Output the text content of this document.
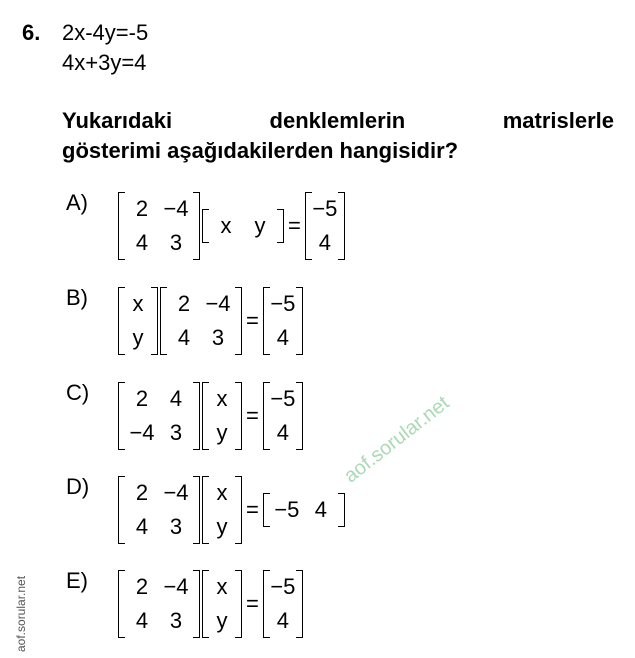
6. 2x-4y=-5
4x+3y=4
Yukarıdaki	denklemlerin	matrislerle
gösterimi aşağıdakilerden hangisidir?
A)	2 −4
4 3
x	y	=
−5
4
B)	x
y
2 −4
4 3
=
−5
4
C)	2 4
−4 3
x
y
=
−5
4
D)	2 −4
4 3
x
y
= −5 4
E)	2 −4
4 3
x
y
=
−5
4
aof.sorular.net
aof.sorular.net
